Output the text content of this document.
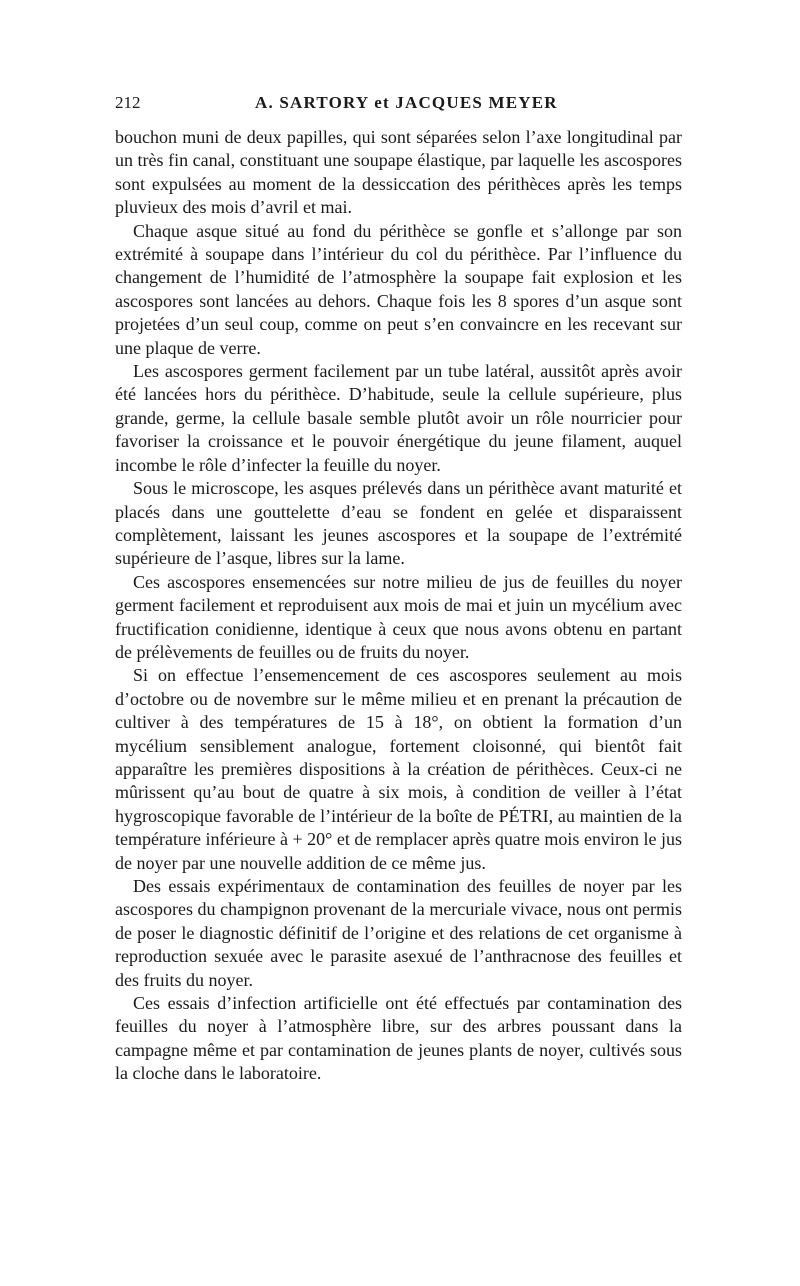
212	A. SARTORY et JACQUES MEYER

bouchon muni de deux papilles, qui sont séparées selon l’axe longitudinal par un très fin canal, constituant une soupape élastique, par laquelle les ascospores sont expulsées au moment de la dessiccation des périthèces après les temps pluvieux des mois d’avril et mai.

Chaque asque situé au fond du périthèce se gonfle et s’allonge par son extrémité à soupape dans l’intérieur du col du périthèce. Par l’influence du changement de l’humidité de l’atmosphère la soupape fait explosion et les ascospores sont lancées au dehors. Chaque fois les 8 spores d’un asque sont projetées d’un seul coup, comme on peut s’en convaincre en les recevant sur une plaque de verre.

Les ascospores germent facilement par un tube latéral, aussitôt après avoir été lancées hors du périthèce. D’habitude, seule la cellule supérieure, plus grande, germe, la cellule basale semble plutôt avoir un rôle nourricier pour favoriser la croissance et le pouvoir énergétique du jeune filament, auquel incombe le rôle d’infecter la feuille du noyer.

Sous le microscope, les asques prélevés dans un périthèce avant maturité et placés dans une gouttelette d’eau se fondent en gelée et disparaissent complètement, laissant les jeunes ascospores et la soupape de l’extrémité supérieure de l’asque, libres sur la lame.

Ces ascospores ensemencées sur notre milieu de jus de feuilles du noyer germent facilement et reproduisent aux mois de mai et juin un mycélium avec fructification conidienne, identique à ceux que nous avons obtenu en partant de prélèvements de feuilles ou de fruits du noyer.

Si on effectue l’ensemencement de ces ascospores seulement au mois d’octobre ou de novembre sur le même milieu et en prenant la précaution de cultiver à des températures de 15 à 18°, on obtient la formation d’un mycélium sensiblement analogue, fortement cloisonné, qui bientôt fait apparaître les premières dispositions à la création de périthèces. Ceux-ci ne mûrissent qu’au bout de quatre à six mois, à condition de veiller à l’état hygroscopique favorable de l’intérieur de la boîte de PÉTRI, au maintien de la température inférieure à + 20° et de remplacer après quatre mois environ le jus de noyer par une nouvelle addition de ce même jus.

Des essais expérimentaux de contamination des feuilles de noyer par les ascospores du champignon provenant de la mercuriale vivace, nous ont permis de poser le diagnostic définitif de l’origine et des relations de cet organisme à reproduction sexuée avec le parasite asexué de l’anthracnose des feuilles et des fruits du noyer.

Ces essais d’infection artificielle ont été effectués par contamination des feuilles du noyer à l’atmosphère libre, sur des arbres poussant dans la campagne même et par contamination de jeunes plants de noyer, cultivés sous la cloche dans le laboratoire.
